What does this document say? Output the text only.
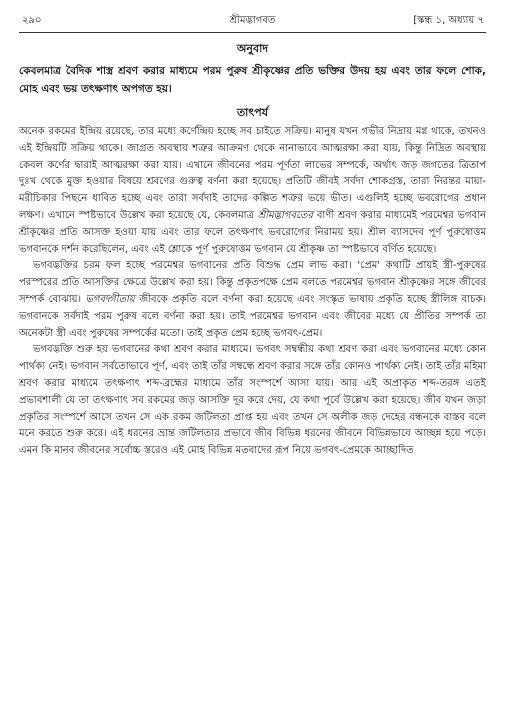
২৯০	শ্রীমদ্ভাগবত	[স্কন্ধ ১, অধ্যায় ৭
অনুবাদ
কেবলমাত্র বৈদিক শাস্ত্র শ্রবণ করার মাধ্যমে পরম পুরুষ শ্রীকৃষ্ণের প্রতি ভক্তির উদয় হয় এবং তার ফলে শোক, মোহ এবং ভয় তৎক্ষণাৎ অপগত হয়।
তাৎপর্য

অনেক রকমের ইন্দ্রিয় রয়েছে, তার মধ্যে কর্ণেন্দ্রিয় হচ্ছে সব চাইতে সক্রিয়। মানুষ যখন গভীর নিদ্রায় মগ্ন থাকে, তখনও এই ইন্দ্রিয়টি সক্রিয় থাকে। জাগ্রত অবস্থায় শত্রুর আক্রমণ থেকে নানাভাবে আত্মরক্ষা করা যায়, কিন্তু নিদ্রিত অবস্থায় কেবল কর্ণের দ্বারাই আত্মরক্ষা করা যায়। এখানে জীবনের পরম পূর্ণতা লাভের সম্পর্কে, অর্থাৎ জড় জগতের ত্রিতাপ দুঃখ থেকে মুক্ত হওয়ার বিষয়ে শ্রবণের গুরুত্ব বর্ণনা করা হয়েছে। প্রতিটি জীবই সর্বদা শোকগ্রস্ত, তারা নিরন্তর মায়া-মরীচিকার পিছনে ধাবিত হচ্ছে এবং তারা সর্বদাই তাদের কল্পিত শত্রুর ভয়ে ভীত। এগুলিই হচ্ছে ভবরোগের প্রধান লক্ষণ। এখানে স্পষ্টভাবে উল্লেখ করা হয়েছে যে, কেবলমাত্র শ্রীমদ্ভাগবতের বাণী শ্রবণ করার মাধ্যমেই পরমেশ্বর ভগবান শ্রীকৃষ্ণের প্রতি আসক্ত হওয়া যায় এবং তার ফলে তৎক্ষণাৎ ভবরোগের নিরাময় হয়। শ্রীল ব্যাসদেব পূর্ণ পুরুষোত্তম ভগবানকে দর্শন করেছিলেন, এবং এই শ্লোকে পূর্ণ পুরুষোত্তম ভগবান যে শ্রীকৃষ্ণ তা স্পষ্টভাবে বর্ণিত হয়েছে।

ভগবদ্ভক্তির চরম ফল হচ্ছে পরমেশ্বর ভগবানের প্রতি বিশুদ্ধ প্রেম লাভ করা। 'প্রেম' কথাটি প্রায়ই স্ত্রী-পুরুষের পরস্পরের প্রতি আসক্তির ক্ষেত্রে উল্লেখ করা হয়। কিন্তু প্রকৃতপক্ষে প্রেম বলতে পরমেশ্বর ভগবান শ্রীকৃষ্ণের সঙ্গে জীবের সম্পর্ক বোঝায়। ভগবদ্গীতায় জীবকে প্রকৃতি বলে বর্ণনা করা হয়েছে এবং সংস্কৃত ভাষায় প্রকৃতি হচ্ছে স্ত্রীলিঙ্গ বাচক। ভগবানকে সর্বদাই পরম পুরুষ বলে বর্ণনা করা হয়। তাই পরমেশ্বর ভগবান এবং জীবের মধ্যে যে প্রীতির সম্পর্ক তা অনেকটা স্ত্রী এবং পুরুষের সম্পর্কের মতো। তাই প্রকৃত প্রেম হচ্ছে ভগবৎ-প্রেম।

ভগবদ্ভক্তি শুরু হয় ভগবানের কথা শ্রবণ করার মাধ্যমে। ভগবৎ সম্বন্ধীয় কথা শ্রবণ করা এবং ভগবানের মধ্যে কোন পার্থক্য নেই। ভগবান সর্বতোভাবে পূর্ণ, এবং তাই তাঁর সম্বন্ধে শ্রবণ করার সঙ্গে তাঁর কোনও পার্থক্য নেই। তাই তাঁর মহিমা শ্রবণ করার মাধ্যমে তৎক্ষণাৎ শব্দ-ব্রহ্মের মাধ্যমে তাঁর সংস্পর্শে আসা যায়। আর এই অপ্রাকৃত শব্দ-তরঙ্গ এতই প্রভাবশালী যে তা তৎক্ষণাৎ সব রকমের জড় আসক্তি দূর করে দেয়, যে কথা পূর্বে উল্লেখ করা হয়েছে। জীব যখন জড়া প্রকৃতির সংস্পর্শে আসে তখন সে এক রকম জটিলতা প্রাপ্ত হয় এবং তখন সে অলীক জড় দেহের বন্ধনকে বাস্তব বলে মনে করতে শুরু করে। এই ধরনের ভ্রান্ত জটিলতার প্রভাবে জীব বিভিন্ন ধরনের জীবনে বিভিন্নভাবে আচ্ছন্ন হয়ে পড়ে। এমন কি মানব জীবনের সর্বোচ্চ স্তরেও এই মোহ বিভিন্ন মতবাদের রূপ নিয়ে ভগবৎ-প্রেমকে আচ্ছাদিত
